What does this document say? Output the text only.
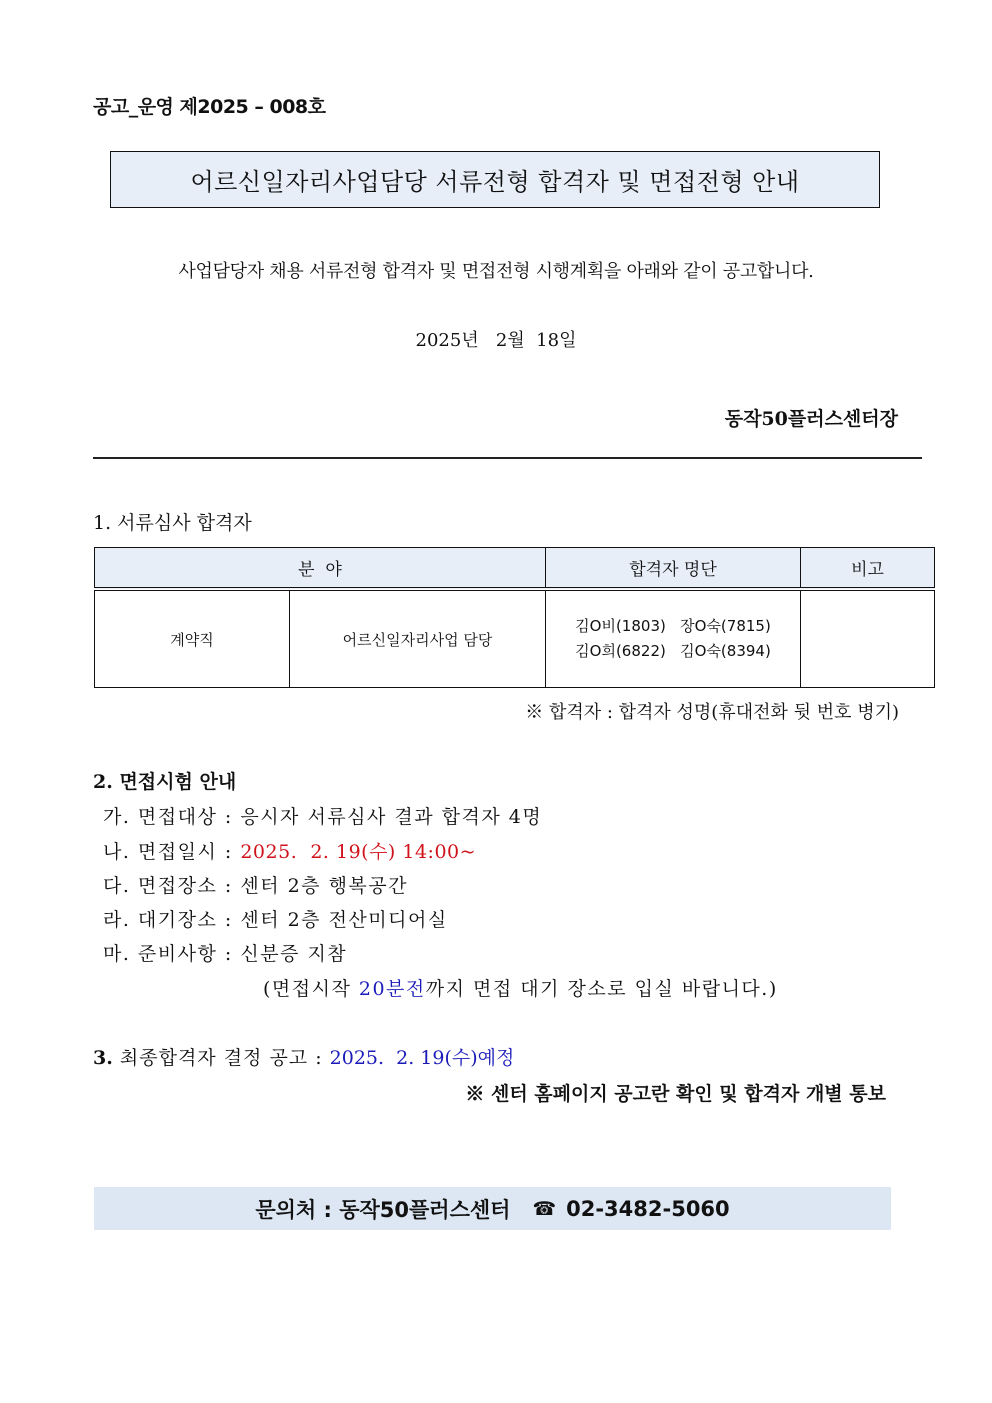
공고_운영 제2025 – 008호
어르신일자리사업담당 서류전형 합격자 및 면접전형 안내
사업담당자 채용 서류전형 합격자 및 면접전형 시행계획을 아래와 같이 공고합니다.
2025년   2월  18일
동작50플러스센터장
1. 서류심사 합격자
분  야		합격자 명단	비고
계약직	어르신일자리사업 담당	김O비(1803)   장O숙(7815)
김O희(6822)   김O숙(8394)	

※ 합격자 : 합격자 성명(휴대전화 뒷 번호 병기)
2. 면접시험 안내
가. 면접대상 : 응시자 서류심사 결과 합격자 4명
나. 면접일시 : 2025.  2. 19(수) 14:00~
다. 면접장소 : 센터 2층 행복공간
라. 대기장소 : 센터 2층 전산미디어실
마. 준비사항 : 신분증 지참
(면접시작 20분전까지 면접 대기 장소로 입실 바랍니다.)
3. 최종합격자 결정 공고 : 2025.  2. 19(수)예정
※ 센터 홈페이지 공고란 확인 및 합격자 개별 통보
문의처 : 동작50플러스센터 ☎ 02-3482-5060
